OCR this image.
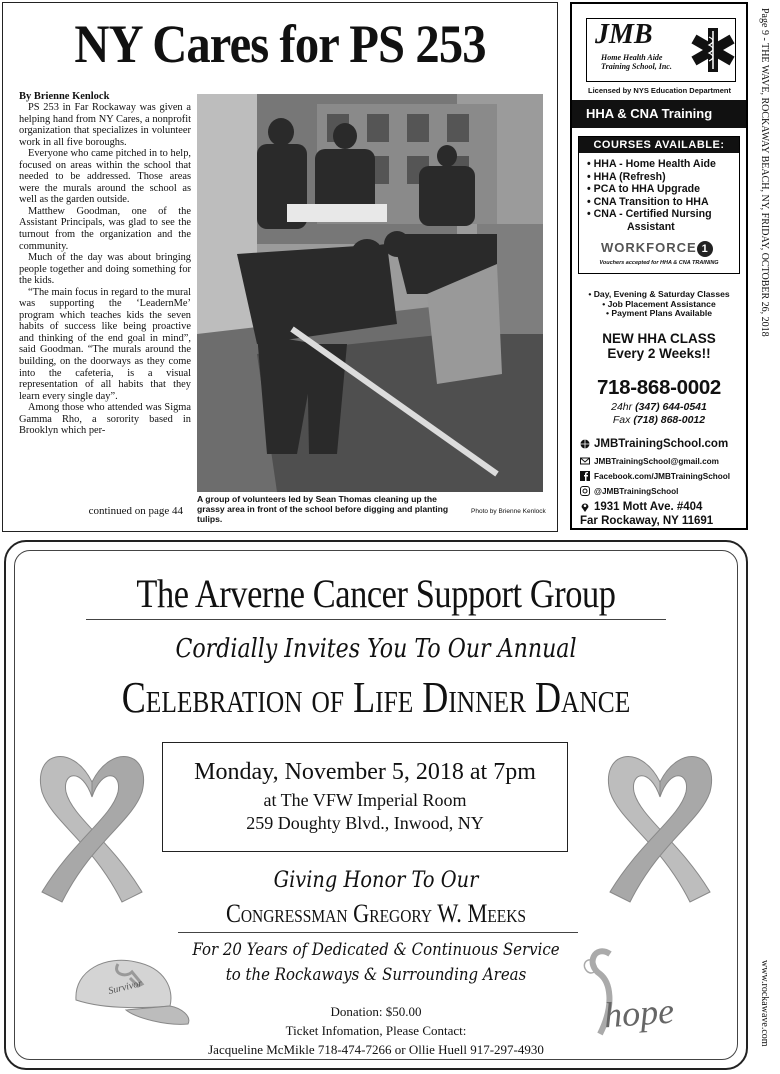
NY Cares for PS 253
By Brienne Kenlock

PS 253 in Far Rockaway was given a helping hand from NY Cares, a nonprofit organization that specializes in volunteer work in all five boroughs.

Everyone who came pitched in to help, focused on areas within the school that needed to be addressed. Those areas were the murals around the school as well as the garden outside.

Matthew Goodman, one of the Assistant Principals, was glad to see the turnout from the organization and the community.

Much of the day was about bringing people together and doing something for the kids.

“The main focus in regard to the mural was supporting the ‘LeadernMe’ program which teaches kids the seven habits of success like being proactive and thinking of the end goal in mind”, said Goodman. “The murals around the building, on the doorways as they come into the cafeteria, is a visual representation of all habits that they learn every single day”.

Among those who attended was Sigma Gamma Rho, a sorority based in Brooklyn which per-

continued on page 44
A group of volunteers led by Sean Thomas cleaning up the grassy area in front of the school before digging and planting tulips.
Photo by Brienne Kenlock
JMB
Home Health Aide Training School, Inc.
Licensed by NYS Education Department
HHA & CNA Training
COURSES AVAILABLE:
• HHA - Home Health Aide
• HHA (Refresh)
• PCA to HHA Upgrade
• CNA Transition to HHA
• CNA - Certified Nursing
Assistant
WORKFORCE 1
Vouchers accepted for HHA & CNA TRAINING
• Day, Evening & Saturday Classes
• Job Placement Assistance
• Payment Plans Available
NEW HHA CLASS
Every 2 Weeks!!
718-868-0002
24hr (347) 644-0541
Fax (718) 868-0012
JMBTrainingSchool.com
JMBTrainingSchool@gmail.com
Facebook.com/JMBTrainingSchool
@JMBTrainingSchool
1931 Mott Ave. #404
Far Rockaway, NY 11691
Page 9 - THE WAVE, ROCKAWAY BEACH, NY, FRIDAY, OCTOBER 26, 2018
www.rockawave.com
The Arverne Cancer Support Group
Cordially Invites You To Our Annual
Celebration of Life Dinner Dance
Monday, November 5, 2018 at 7pm
at The VFW Imperial Room
259 Doughty Blvd., Inwood, NY
Giving Honor To Our
Congressman Gregory W. Meeks
For 20 Years of Dedicated & Continuous Service
to the Rockaways & Surrounding Areas
Survivor
hope
Donation: $50.00
Ticket Infomation, Please Contact:
Jacqueline McMikle 718-474-7266 or Ollie Huell 917-297-4930
